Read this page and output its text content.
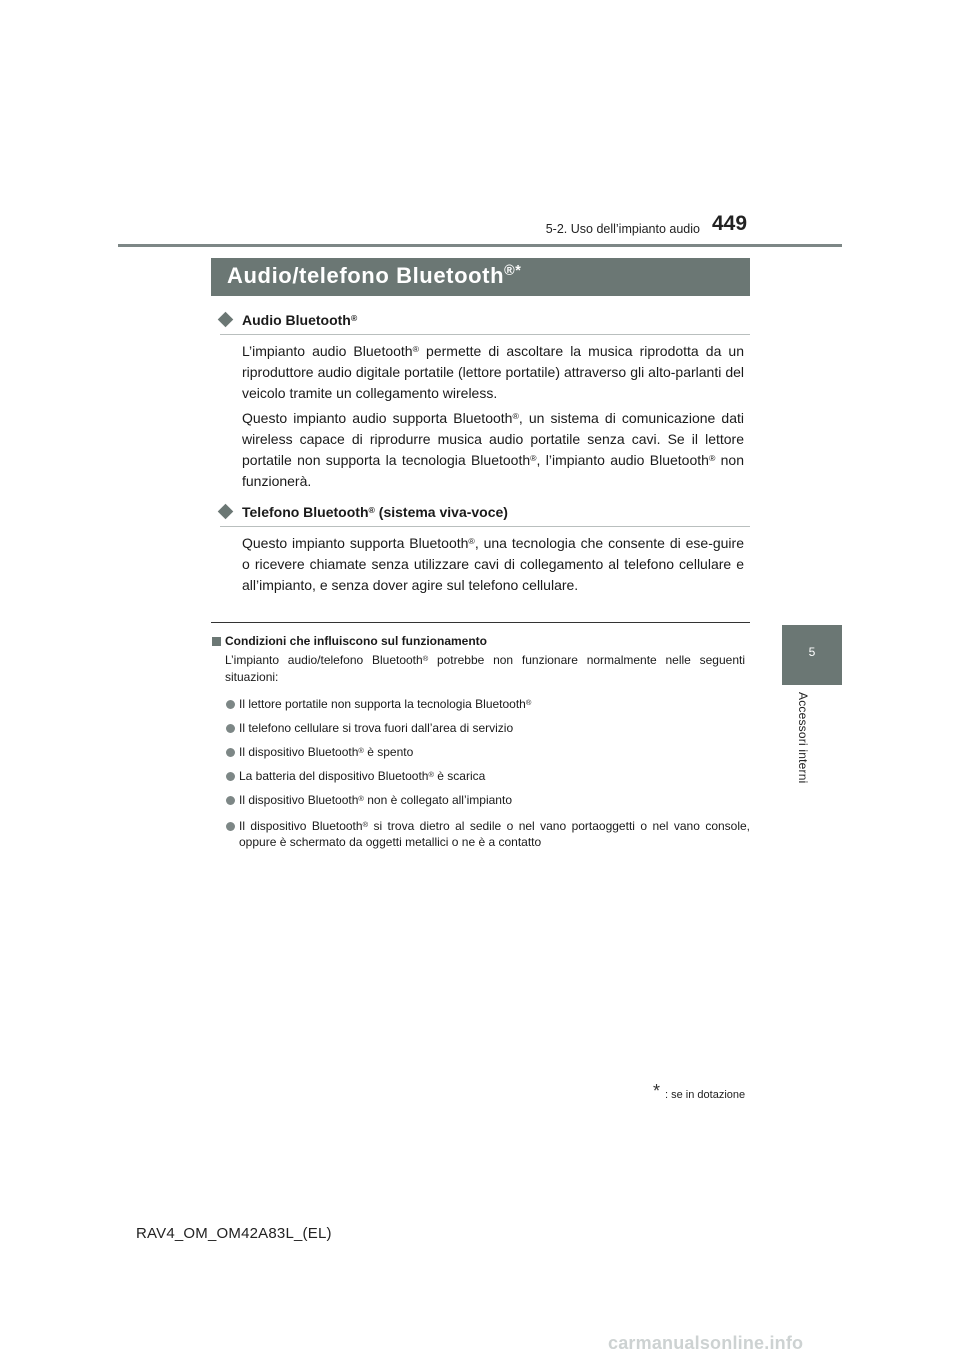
5-2. Uso dell’impianto audio 449
Audio/telefono Bluetooth®*
5
Accessori interni
Audio Bluetooth®
L’impianto audio Bluetooth® permette di ascoltare la musica riprodotta da un riproduttore audio digitale portatile (lettore portatile) attraverso gli alto-parlanti del veicolo tramite un collegamento wireless.
Questo impianto audio supporta Bluetooth®, un sistema di comunicazione dati wireless capace di riprodurre musica audio portatile senza cavi. Se il lettore portatile non supporta la tecnologia Bluetooth®, l’impianto audio Bluetooth® non funzionerà.
Telefono Bluetooth® (sistema viva-voce)
Questo impianto supporta Bluetooth®, una tecnologia che consente di ese-guire o ricevere chiamate senza utilizzare cavi di collegamento al telefono cellulare e all’impianto, e senza dover agire sul telefono cellulare.
Condizioni che influiscono sul funzionamento
L’impianto audio/telefono Bluetooth® potrebbe non funzionare normalmente nelle seguenti situazioni:
Il lettore portatile non supporta la tecnologia Bluetooth®
Il telefono cellulare si trova fuori dall’area di servizio
Il dispositivo Bluetooth® è spento
La batteria del dispositivo Bluetooth® è scarica
Il dispositivo Bluetooth® non è collegato all’impianto
Il dispositivo Bluetooth® si trova dietro al sedile o nel vano portaoggetti o nel vano console, oppure è schermato da oggetti metallici o ne è a contatto
* : se in dotazione
RAV4_OM_OM42A83L_(EL)
carmanualsonline.info
